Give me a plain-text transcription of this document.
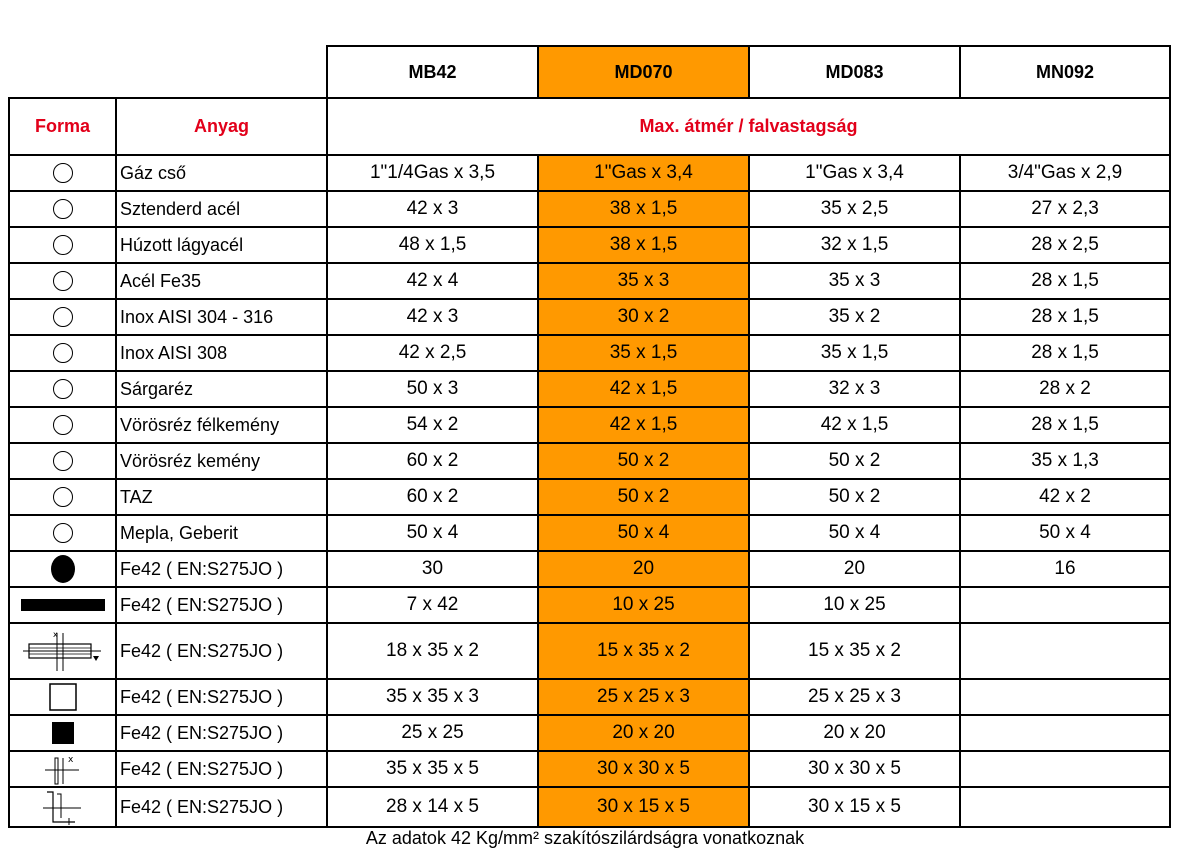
		MB42	MD070	MD083	MN092
Forma	Anyag	Max. átmér / falvastagság			

	Gáz cső	1"1/4Gas x 3,5	1"Gas x 3,4	1"Gas x 3,4	3/4"Gas x 2,9

	Sztenderd acél	42 x 3	38 x 1,5	35 x 2,5	27 x 2,3

	Húzott lágyacél	48 x 1,5	38 x 1,5	32 x 1,5	28 x 2,5

	Acél Fe35	42 x 4	35 x 3	35 x 3	28 x 1,5

	Inox AISI 304 - 316	42 x 3	30 x 2	35 x 2	28 x 1,5

	Inox AISI 308	42 x 2,5	35 x 1,5	35 x 1,5	28 x 1,5

	Sárgaréz	50 x 3	42 x 1,5	32 x 3	28 x 2

	Vörösréz félkemény	54 x 2	42 x 1,5	42 x 1,5	28 x 1,5

	Vörösréz kemény	60 x 2	50 x 2	50 x 2	35 x 1,3

	TAZ	60 x 2	50 x 2	50 x 2	42 x 2

	Mepla, Geberit	50 x 4	50 x 4	50 x 4	50 x 4

	Fe42 ( EN:S275JO )	30	20	20	16

	Fe42 ( EN:S275JO )	7 x 42	10 x 25	10 x 25	

x	Fe42 ( EN:S275JO )	18 x 35 x 2	15 x 35 x 2	15 x 35 x 2	

	Fe42 ( EN:S275JO )	35 x 35 x 3	25 x 25 x 3	25 x 25 x 3	

	Fe42 ( EN:S275JO )	25 x 25	20 x 20	20 x 20	

x	Fe42 ( EN:S275JO )	35 x 35 x 5	30 x 30 x 5	30 x 30 x 5	

	Fe42 ( EN:S275JO )	28 x 14 x 5	30 x 15 x 5	30 x 15 x 5	
Az adatok 42 Kg/mm² szakítószilárdságra vonatkoznak
